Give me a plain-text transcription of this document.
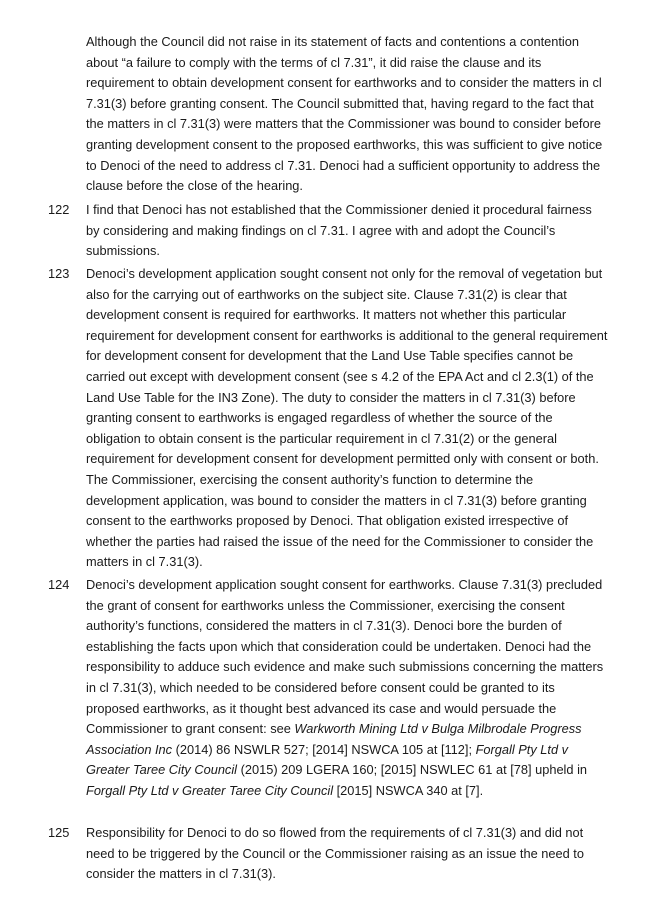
Although the Council did not raise in its statement of facts and contentions a contention about “a failure to comply with the terms of cl 7.31”, it did raise the clause and its requirement to obtain development consent for earthworks and to consider the matters in cl 7.31(3) before granting consent. The Council submitted that, having regard to the fact that the matters in cl 7.31(3) were matters that the Commissioner was bound to consider before granting development consent to the proposed earthworks, this was sufficient to give notice to Denoci of the need to address cl 7.31. Denoci had a sufficient opportunity to address the clause before the close of the hearing.

122	I find that Denoci has not established that the Commissioner denied it procedural fairness by considering and making findings on cl 7.31. I agree with and adopt the Council’s submissions.
123	Denoci’s development application sought consent not only for the removal of vegetation but also for the carrying out of earthworks on the subject site. Clause 7.31(2) is clear that development consent is required for earthworks. It matters not whether this particular requirement for development consent for earthworks is additional to the general requirement for development consent for development that the Land Use Table specifies cannot be carried out except with development consent (see s 4.2 of the EPA Act and cl 2.3(1) of the Land Use Table for the IN3 Zone). The duty to consider the matters in cl 7.31(3) before granting consent to earthworks is engaged regardless of whether the source of the obligation to obtain consent is the particular requirement in cl 7.31(2) or the general requirement for development consent for development permitted only with consent or both. The Commissioner, exercising the consent authority’s function to determine the development application, was bound to consider the matters in cl 7.31(3) before granting consent to the earthworks proposed by Denoci. That obligation existed irrespective of whether the parties had raised the issue of the need for the Commissioner to consider the matters in cl 7.31(3).
124	Denoci’s development application sought consent for earthworks. Clause 7.31(3) precluded the grant of consent for earthworks unless the Commissioner, exercising the consent authority’s functions, considered the matters in cl 7.31(3). Denoci bore the burden of establishing the facts upon which that consideration could be undertaken. Denoci had the responsibility to adduce such evidence and make such submissions concerning the matters in cl 7.31(3), which needed to be considered before consent could be granted to its proposed earthworks, as it thought best advanced its case and would persuade the Commissioner to grant consent: see Warkworth Mining Ltd v Bulga Milbrodale Progress Association Inc (2014) 86 NSWLR 527; [2014] NSWCA 105 at [112]; Forgall Pty Ltd v Greater Taree City Council (2015) 209 LGERA 160; [2015] NSWLEC 61 at [78] upheld in Forgall Pty Ltd v Greater Taree City Council [2015] NSWCA 340 at [7].
125	Responsibility for Denoci to do so flowed from the requirements of cl 7.31(3) and did not need to be triggered by the Council or the Commissioner raising as an issue the need to consider the matters in cl 7.31(3).
